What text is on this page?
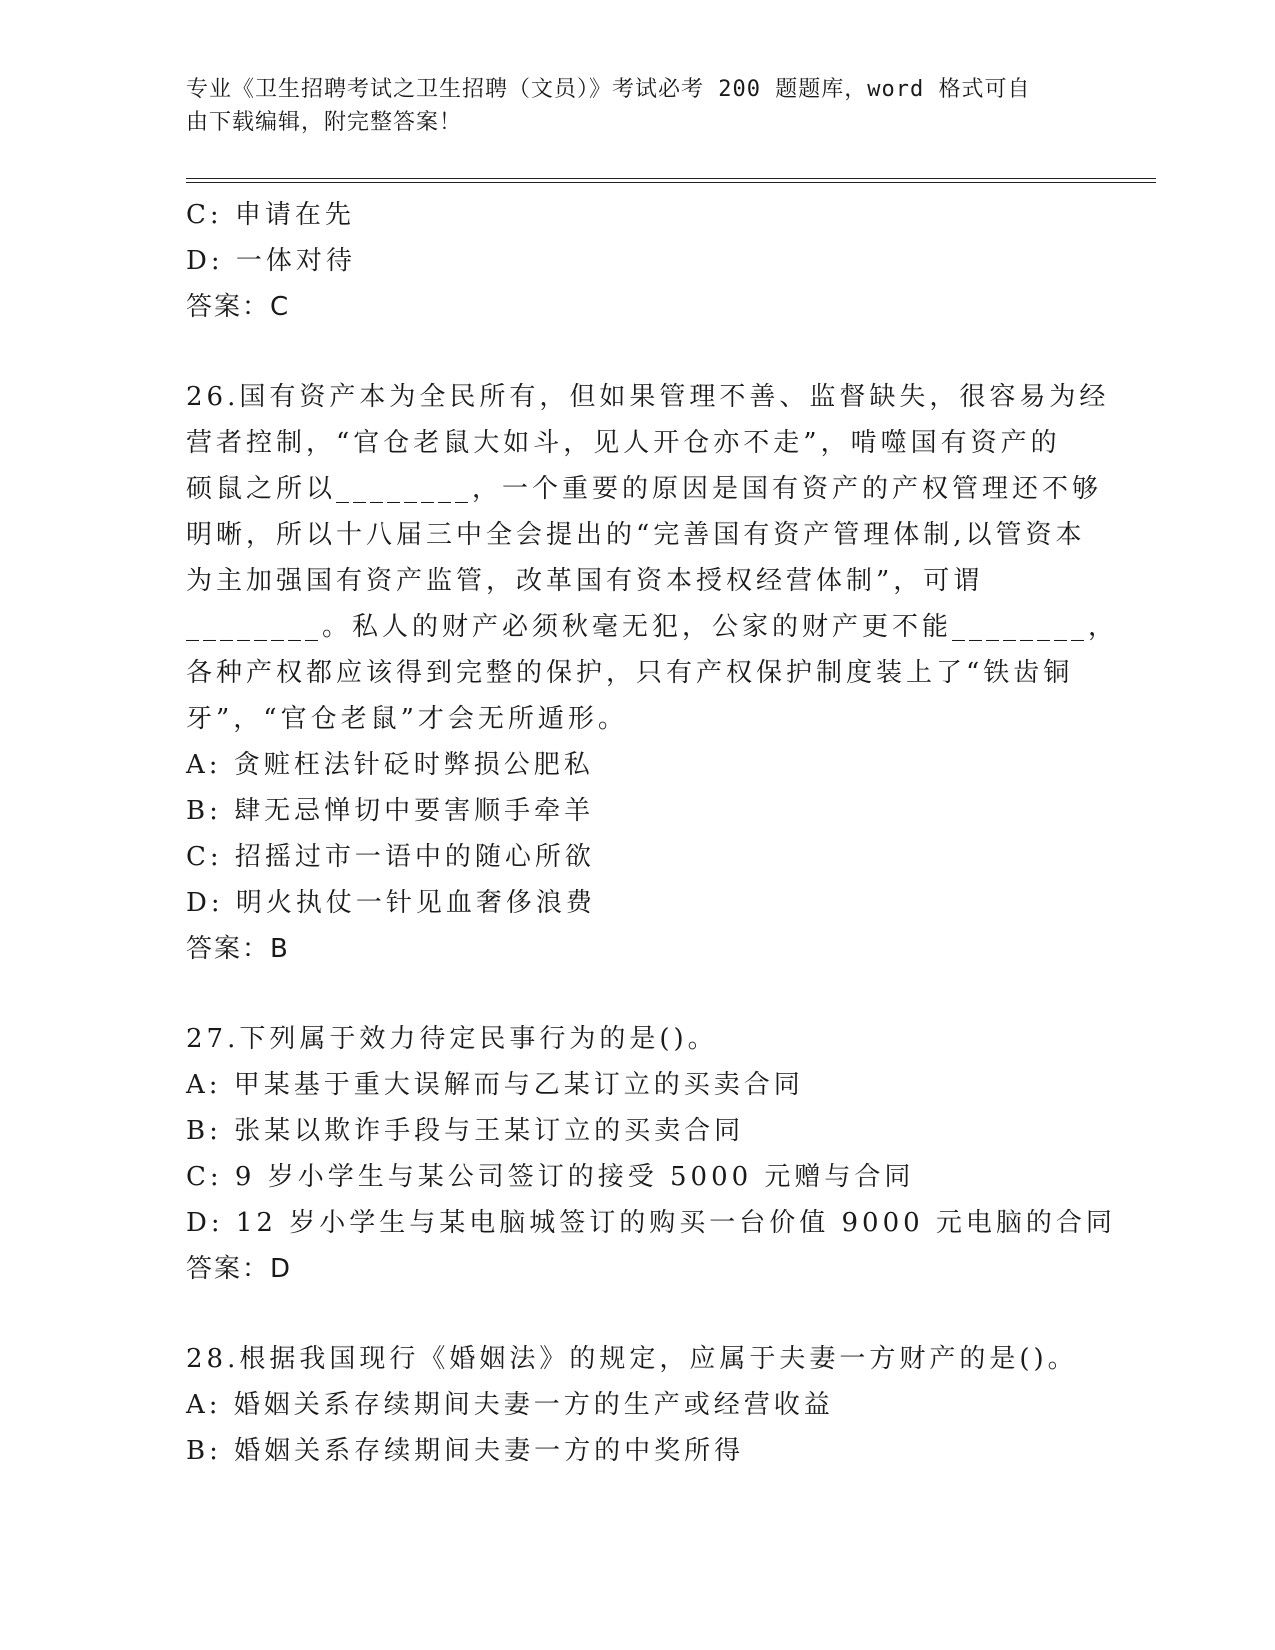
专业《卫生招聘考试之卫生招聘（文员）》考试必考 200 题题库，word 格式可自
由下载编辑，附完整答案！
C: 申请在先
D: 一体对待
答案：C
26.国有资产本为全民所有，但如果管理不善、监督缺失，很容易为经
营者控制，“官仓老鼠大如斗，见人开仓亦不走”，啃噬国有资产的
硕鼠之所以________，一个重要的原因是国有资产的产权管理还不够
明晰，所以十八届三中全会提出的“完善国有资产管理体制,以管资本
为主加强国有资产监管，改革国有资本授权经营体制”，可谓
________。私人的财产必须秋毫无犯，公家的财产更不能________，
各种产权都应该得到完整的保护，只有产权保护制度装上了“铁齿铜
牙”，“官仓老鼠”才会无所遁形。
A: 贪赃枉法针砭时弊损公肥私
B: 肆无忌惮切中要害顺手牵羊
C: 招摇过市一语中的随心所欲
D: 明火执仗一针见血奢侈浪费
答案：B
27.下列属于效力待定民事行为的是()。
A: 甲某基于重大误解而与乙某订立的买卖合同
B: 张某以欺诈手段与王某订立的买卖合同
C: 9 岁小学生与某公司签订的接受 5000 元赠与合同
D: 12 岁小学生与某电脑城签订的购买一台价值 9000 元电脑的合同
答案：D
28.根据我国现行《婚姻法》的规定，应属于夫妻一方财产的是()。
A: 婚姻关系存续期间夫妻一方的生产或经营收益
B: 婚姻关系存续期间夫妻一方的中奖所得
